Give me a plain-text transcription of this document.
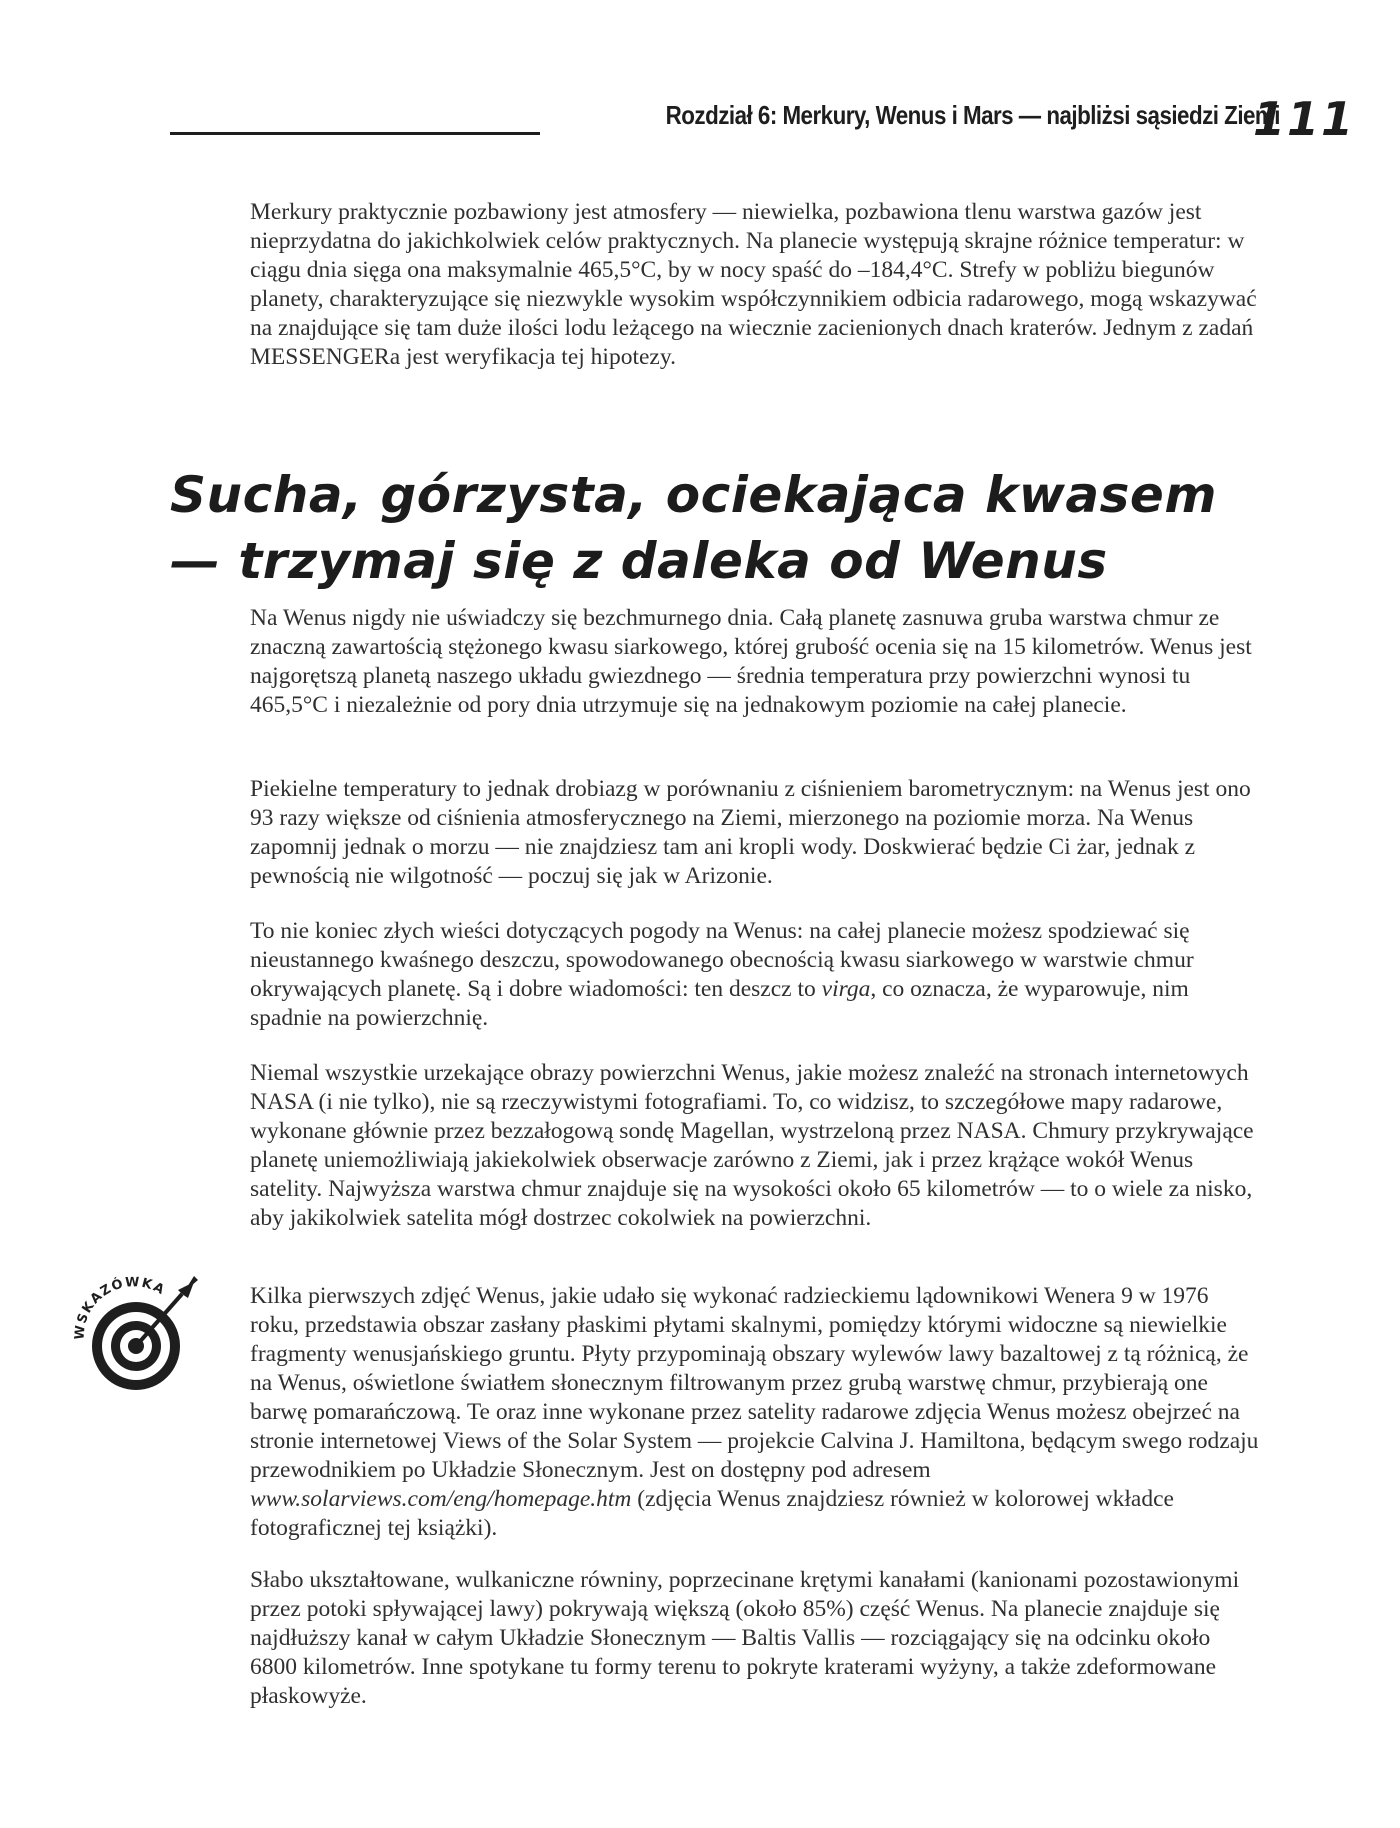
Rozdział 6: Merkury, Wenus i Mars — najbliżsi sąsiedzi Ziemi
111

Merkury praktycznie pozbawiony jest atmosfery — niewielka, pozbawiona tlenu warstwa gazów jest nieprzydatna do jakichkolwiek celów praktycznych. Na planecie występują skrajne różnice temperatur: w ciągu dnia sięga ona maksymalnie 465,5°C, by w nocy spaść do –184,4°C. Strefy w pobliżu biegunów planety, charakteryzujące się niezwykle wysokim współczynnikiem odbicia radarowego, mogą wskazywać na znajdujące się tam duże ilości lodu leżącego na wiecznie zacienionych dnach kraterów. Jednym z zadań MESSENGERa jest weryfikacja tej hipotezy.

Sucha, górzysta, ociekająca kwasem
— trzymaj się z daleka od Wenus

Na Wenus nigdy nie uświadczy się bezchmurnego dnia. Całą planetę zasnuwa gruba warstwa chmur ze znaczną zawartością stężonego kwasu siarkowego, której grubość ocenia się na 15 kilometrów. Wenus jest najgorętszą planetą naszego układu gwiezdnego — średnia temperatura przy powierzchni wynosi tu 465,5°C i niezależnie od pory dnia utrzymuje się na jednakowym poziomie na całej planecie.

Piekielne temperatury to jednak drobiazg w porównaniu z ciśnieniem barometrycznym: na Wenus jest ono 93 razy większe od ciśnienia atmosferycznego na Ziemi, mierzonego na poziomie morza. Na Wenus zapomnij jednak o morzu — nie znajdziesz tam ani kropli wody. Doskwierać będzie Ci żar, jednak z pewnością nie wilgotność — poczuj się jak w Arizonie.

To nie koniec złych wieści dotyczących pogody na Wenus: na całej planecie możesz spodziewać się nieustannego kwaśnego deszczu, spowodowanego obecnością kwasu siarkowego w warstwie chmur okrywających planetę. Są i dobre wiadomości: ten deszcz to virga, co oznacza, że wyparowuje, nim spadnie na powierzchnię.

Niemal wszystkie urzekające obrazy powierzchni Wenus, jakie możesz znaleźć na stronach internetowych NASA (i nie tylko), nie są rzeczywistymi fotografiami. To, co widzisz, to szczegółowe mapy radarowe, wykonane głównie przez bezzałogową sondę Magellan, wystrzeloną przez NASA. Chmury przykrywające planetę uniemożliwiają jakiekolwiek obserwacje zarówno z Ziemi, jak i przez krążące wokół Wenus satelity. Najwyższa warstwa chmur znajduje się na wysokości około 65 kilometrów — to o wiele za nisko, aby jakikolwiek satelita mógł dostrzec cokolwiek na powierzchni.

WSKAZÓWKA	Kilka pierwszych zdjęć Wenus, jakie udało się wykonać radzieckiemu lądownikowi Wenera 9 w 1976 roku, przedstawia obszar zasłany płaskimi płytami skalnymi, pomiędzy którymi widoczne są niewielkie fragmenty wenusjańskiego gruntu. Płyty przypominają obszary wylewów lawy bazaltowej z tą różnicą, że na Wenus, oświetlone światłem słonecznym filtrowanym przez grubą warstwę chmur, przybierają one barwę pomarańczową. Te oraz inne wykonane przez satelity radarowe zdjęcia Wenus możesz obejrzeć na stronie internetowej Views of the Solar System — projekcie Calvina J. Hamiltona, będącym swego rodzaju przewodnikiem po Układzie Słonecznym. Jest on dostępny pod adresem www.solarviews.com/eng/homepage.htm (zdjęcia Wenus znajdziesz również w kolorowej wkładce fotograficznej tej książki).

Słabo ukształtowane, wulkaniczne równiny, poprzecinane krętymi kanałami (kanionami pozostawionymi przez potoki spływającej lawy) pokrywają większą (około 85%) część Wenus. Na planecie znajduje się najdłuższy kanał w całym Układzie Słonecznym — Baltis Vallis — rozciągający się na odcinku około 6800 kilometrów. Inne spotykane tu formy terenu to pokryte kraterami wyżyny, a także zdeformowane płaskowyże.
